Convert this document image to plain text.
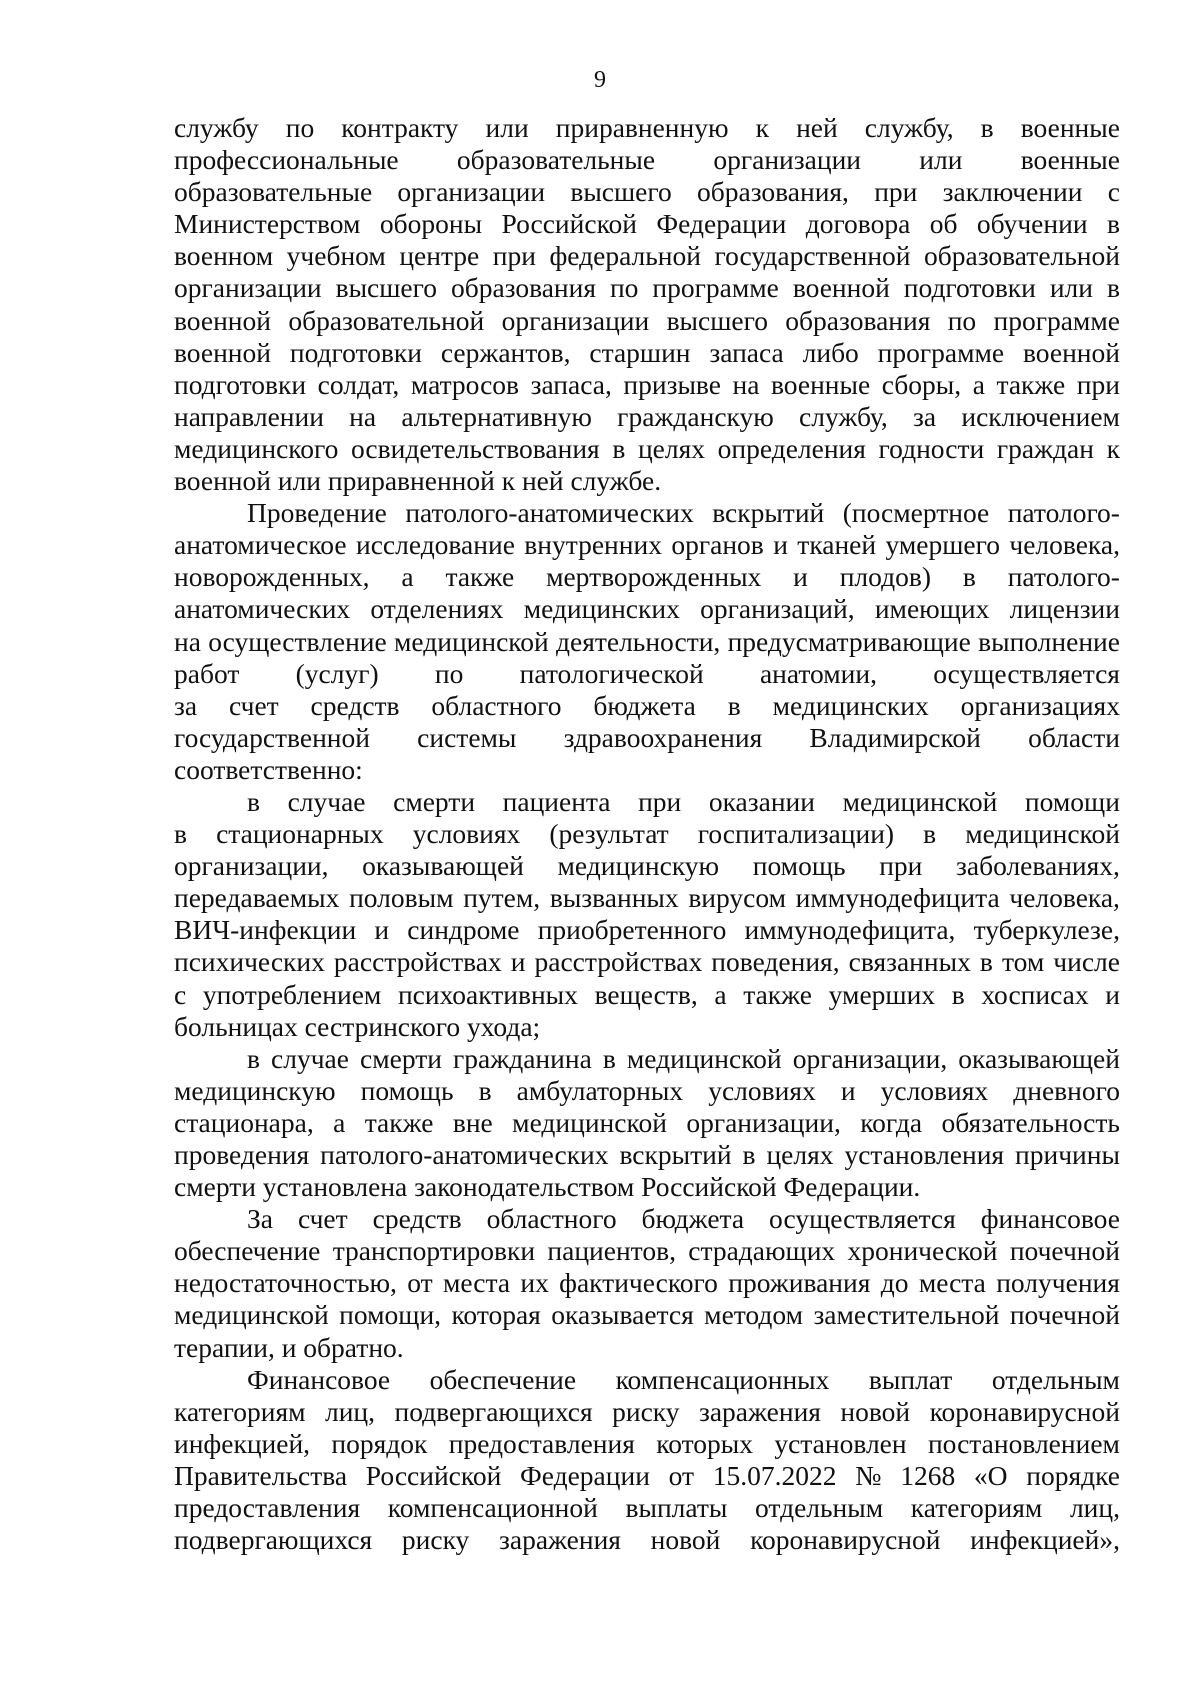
9
службу по контракту или приравненную к ней службу, в военные
профессиональные образовательные организации или военные
образовательные организации высшего образования, при заключении с
Министерством обороны Российской Федерации договора об обучении в
военном учебном центре при федеральной государственной образовательной
организации высшего образования по программе военной подготовки или в
военной образовательной организации высшего образования по программе
военной подготовки сержантов, старшин запаса либо программе военной
подготовки солдат, матросов запаса, призыве на военные сборы, а также при
направлении на альтернативную гражданскую службу, за исключением
медицинского освидетельствования в целях определения годности граждан к
военной или приравненной к ней службе.
Проведение патолого-анатомических вскрытий (посмертное патолого-
анатомическое исследование внутренних органов и тканей умершего человека,
новорожденных, а также мертворожденных и плодов) в патолого-
анатомических отделениях медицинских организаций, имеющих лицензии
на осуществление медицинской деятельности, предусматривающие выполнение
работ (услуг) по патологической анатомии, осуществляется
за счет средств областного бюджета в медицинских организациях
государственной системы здравоохранения Владимирской области
соответственно:
в случае смерти пациента при оказании медицинской помощи
в стационарных условиях (результат госпитализации) в медицинской
организации, оказывающей медицинскую помощь при заболеваниях,
передаваемых половым путем, вызванных вирусом иммунодефицита человека,
ВИЧ-инфекции и синдроме приобретенного иммунодефицита, туберкулезе,
психических расстройствах и расстройствах поведения, связанных в том числе
с употреблением психоактивных веществ, а также умерших в хосписах и
больницах сестринского ухода;
в случае смерти гражданина в медицинской организации, оказывающей
медицинскую помощь в амбулаторных условиях и условиях дневного
стационара, а также вне медицинской организации, когда обязательность
проведения патолого-анатомических вскрытий в целях установления причины
смерти установлена законодательством Российской Федерации.
За счет средств областного бюджета осуществляется финансовое
обеспечение транспортировки пациентов, страдающих хронической почечной
недостаточностью, от места их фактического проживания до места получения
медицинской помощи, которая оказывается методом заместительной почечной
терапии, и обратно.
Финансовое обеспечение компенсационных выплат отдельным
категориям лиц, подвергающихся риску заражения новой коронавирусной
инфекцией, порядок предоставления которых установлен постановлением
Правительства Российской Федерации от 15.07.2022 № 1268 «О порядке
предоставления компенсационной выплаты отдельным категориям лиц,
подвергающихся риску заражения новой коронавирусной инфекцией»,
